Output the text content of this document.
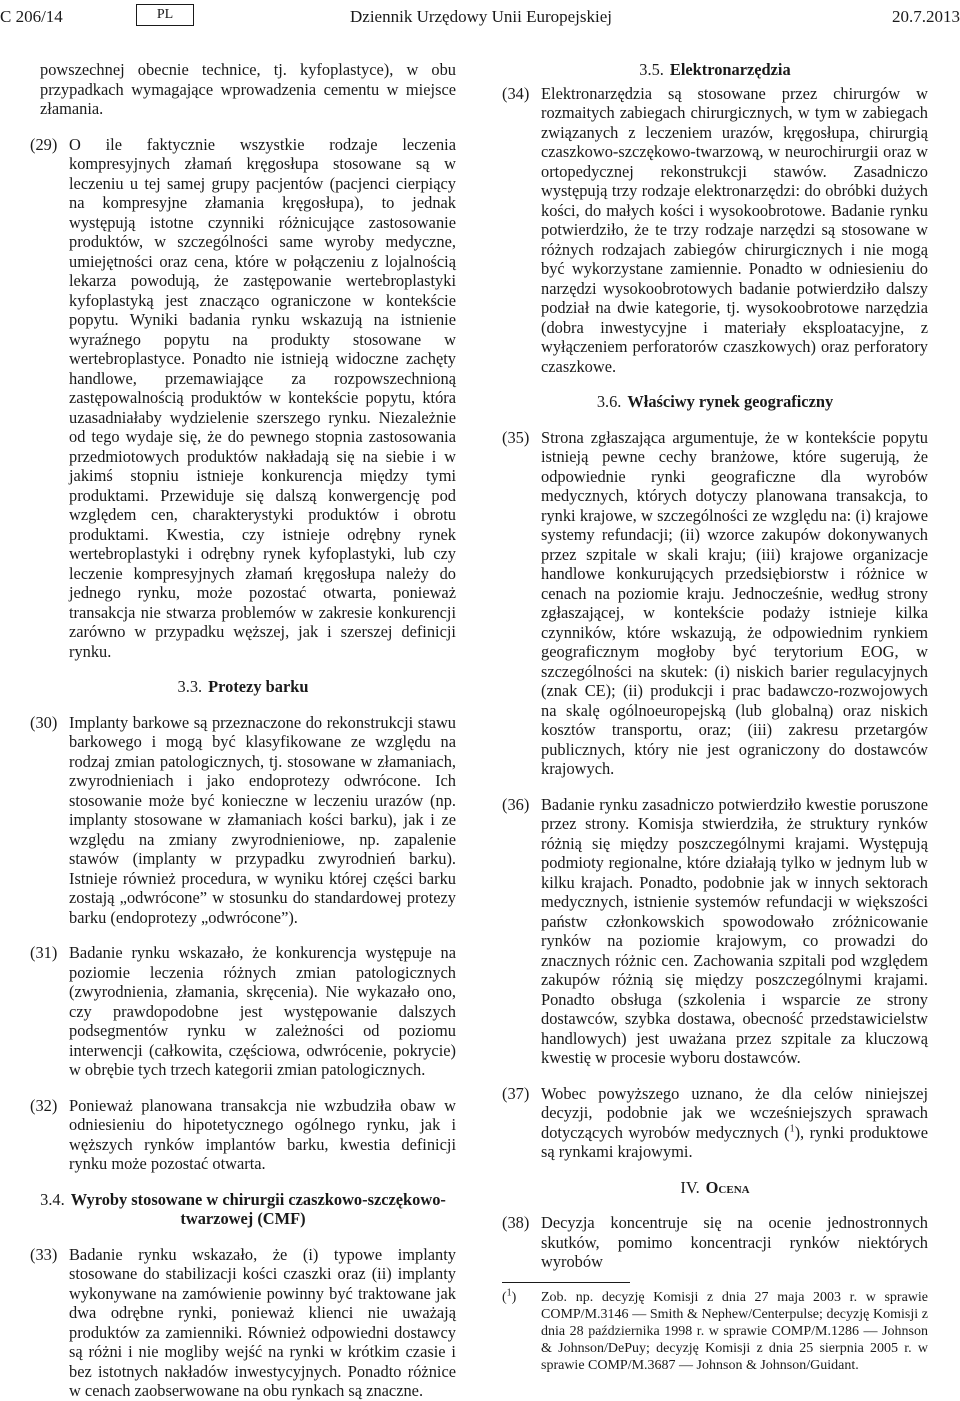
C 206/14	PL	Dziennik Urzędowy Unii Europejskiej	20.7.2013

powszechnej obecnie technice, tj. kyfoplastyce), w obu przypadkach wymagające wprowadzenia cementu w miejsce złamania.

(29) O ile faktycznie wszystkie rodzaje leczenia kompresyjnych złamań kręgosłupa stosowane są w leczeniu u tej samej grupy pacjentów (pacjenci cierpiący na kompresyjne złamania kręgosłupa), to jednak występują istotne czynniki różnicujące zastosowanie produktów, w szczególności same wyroby medyczne, umiejętności oraz cena, które w połączeniu z lojalnością lekarza powodują, że zastępowanie wertebroplastyki kyfoplastyką jest znacząco ograniczone w kontekście popytu. Wyniki badania rynku wskazują na istnienie wyraźnego popytu na produkty stosowane w wertebroplastyce. Ponadto nie istnieją widoczne zachęty handlowe, przemawiające za rozpowszechnioną zastępowalnością produktów w kontekście popytu, która uzasadniałaby wydzielenie szerszego rynku. Niezależnie od tego wydaje się, że do pewnego stopnia zastosowania przedmiotowych produktów nakładają się na siebie i w jakimś stopniu istnieje konkurencja między tymi produktami. Przewiduje się dalszą konwergencję pod względem cen, charakterystyki produktów i obrotu produktami. Kwestia, czy istnieje odrębny rynek wertebroplastyki i odrębny rynek kyfoplastyki, lub czy leczenie kompresyjnych złamań kręgosłupa należy do jednego rynku, może pozostać otwarta, ponieważ transakcja nie stwarza problemów w zakresie konkurencji zarówno w przypadku węższej, jak i szerszej definicji rynku.

3.3. Protezy barku
(30) Implanty barkowe są przeznaczone do rekonstrukcji stawu barkowego i mogą być klasyfikowane ze względu na rodzaj zmian patologicznych, tj. stosowane w złamaniach, zwyrodnieniach i jako endoprotezy odwrócone. Ich stosowanie może być konieczne w leczeniu urazów (np. implanty stosowane w złamaniach kości barku), jak i ze względu na zmiany zwyrodnieniowe, np. zapalenie stawów (implanty w przypadku zwyrodnień barku). Istnieje również procedura, w wyniku której części barku zostają „odwrócone” w stosunku do standardowej protezy barku (endoprotezy „odwrócone”).

(31) Badanie rynku wskazało, że konkurencja występuje na poziomie leczenia różnych zmian patologicznych (zwyrodnienia, złamania, skręcenia). Nie wykazało ono, czy prawdopodobne jest występowanie dalszych podsegmentów rynku w zależności od poziomu interwencji (całkowita, częściowa, odwrócenie, pokrycie) w obrębie tych trzech kategorii zmian patologicznych.

(32) Ponieważ planowana transakcja nie wzbudziła obaw w odniesieniu do hipotetycznego ogólnego rynku, jak i węższych rynków implantów barku, kwestia definicji rynku może pozostać otwarta.

3.4. Wyroby stosowane w chirurgii czaszkowo-szczękowo-twarzowej (CMF)
(33) Badanie rynku wskazało, że (i) typowe implanty stosowane do stabilizacji kości czaszki oraz (ii) implanty wykonywane na zamówienie powinny być traktowane jak dwa odrębne rynki, ponieważ klienci nie uważają produktów za zamienniki. Również odpowiedni dostawcy są różni i nie mogliby wejść na rynki w krótkim czasie i bez istotnych nakładów inwestycyjnych. Ponadto różnice w cenach zaobserwowane na obu rynkach są znaczne.

3.5. Elektronarzędzia
(34) Elektronarzędzia są stosowane przez chirurgów w rozmaitych zabiegach chirurgicznych, w tym w zabiegach związanych z leczeniem urazów, kręgosłupa, chirurgią czaszkowo-szczękowo-twarzową, w neurochirurgii oraz w ortopedycznej rekonstrukcji stawów. Zasadniczo występują trzy rodzaje elektronarzędzi: do obróbki dużych kości, do małych kości i wysokoobrotowe. Badanie rynku potwierdziło, że te trzy rodzaje narzędzi są stosowane w różnych rodzajach zabiegów chirurgicznych i nie mogą być wykorzystane zamiennie. Ponadto w odniesieniu do narzędzi wysokoobrotowych badanie potwierdziło dalszy podział na dwie kategorie, tj. wysokoobrotowe narzędzia (dobra inwestycyjne i materiały eksploatacyjne, z wyłączeniem perforatorów czaszkowych) oraz perforatory czaszkowe.

3.6. Właściwy rynek geograficzny
(35) Strona zgłaszająca argumentuje, że w kontekście popytu istnieją pewne cechy branżowe, które sugerują, że odpowiednie rynki geograficzne dla wyrobów medycznych, których dotyczy planowana transakcja, to rynki krajowe, w szczególności ze względu na: (i) krajowe systemy refundacji; (ii) wzorce zakupów dokonywanych przez szpitale w skali kraju; (iii) krajowe organizacje handlowe konkurujących przedsiębiorstw i różnice w cenach na poziomie kraju. Jednocześnie, według strony zgłaszającej, w kontekście podaży istnieje kilka czynników, które wskazują, że odpowiednim rynkiem geograficznym mogłoby być terytorium EOG, w szczególności na skutek: (i) niskich barier regulacyjnych (znak CE); (ii) produkcji i prac badawczo-rozwojowych na skalę ogólnoeuropejską (lub globalną) oraz niskich kosztów transportu, oraz; (iii) zakresu przetargów publicznych, który nie jest ograniczony do dostawców krajowych.

(36) Badanie rynku zasadniczo potwierdziło kwestie poruszone przez strony. Komisja stwierdziła, że struktury rynków różnią się między poszczególnymi krajami. Występują podmioty regionalne, które działają tylko w jednym lub w kilku krajach. Ponadto, podobnie jak w innych sektorach medycznych, istnienie systemów refundacji w większości państw członkowskich spowodowało zróżnicowanie rynków na poziomie krajowym, co prowadzi do znacznych różnic cen. Zachowania szpitali pod względem zakupów różnią się między poszczególnymi krajami. Ponadto obsługa (szkolenia i wsparcie ze strony dostawców, szybka dostawa, obecność przedstawicielstw handlowych) jest uważana przez szpitale za kluczową kwestię w procesie wyboru dostawców.

(37) Wobec powyższego uznano, że dla celów niniejszej decyzji, podobnie jak we wcześniejszych sprawach dotyczących wyrobów medycznych ($^1$), rynki produktowe są rynkami krajowymi.

IV. Ocena
(38) Decyzja koncentruje się na ocenie jednostronnych skutków, pomimo koncentracji rynków niektórych wyrobów

($^1$) Zob. np. decyzję Komisji z dnia 27 maja 2003 r. w sprawie COMP/M.3146 — Smith & Nephew/Centerpulse; decyzję Komisji z dnia 28 października 1998 r. w sprawie COMP/M.1286 — Johnson & Johnson/DePuy; decyzję Komisji z dnia 25 sierpnia 2005 r. w sprawie COMP/M.3687 — Johnson & Johnson/Guidant.
